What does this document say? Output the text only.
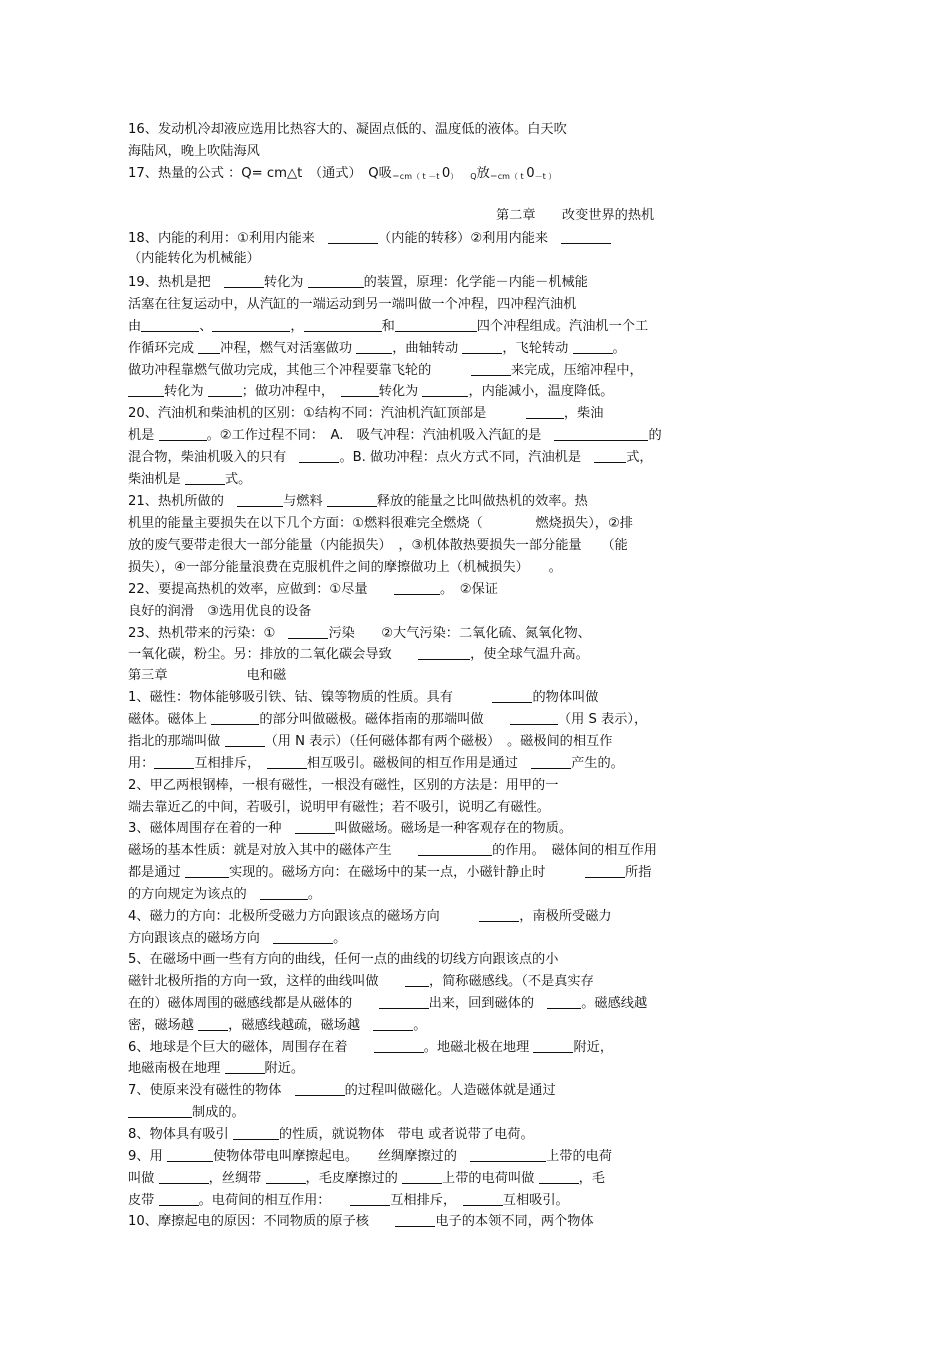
16、发动机冷却液应选用比热容大的、凝固点低的、温度低的液体。白天吹
海陆风，晚上吹陆海风
17、热量的公式 ：Q= cm△t　（通式）　Q吸$_{=cm( t -t}$ $0_{) Q}$放$_{=cm( t}$ $0_{-t )}$
第二章　　改变世界的热机
18、内能的利用：①利用内能来　	（内能的转移）②利用内能来　
（内能转化为机械能）
19、热机是把　	转化为	的装置，原理：化学能－内能－机械能
活塞在往复运动中，从汽缸的一端运动到另一端叫做一个冲程，四冲程汽油机
由	、	，	和	四个冲程组成。汽油机一个工
作循环完成 冲程，燃气对活塞做功	，曲轴转动	，飞轮转动	。
做功冲程靠燃气做功完成，其他三个冲程要靠飞轮的　　　	来完成，压缩冲程中，
转化为	；做功冲程中，　	转化为	，内能减小，温度降低。
20、汽油机和柴油机的区别：①结构不同：汽油机汽缸顶部是　　　	，柴油
机是	。②工作过程不同：　A.　吸气冲程：汽油机吸入汽缸的是　	的
混合物，柴油机吸入的只有　	。B. 做功冲程：点火方式不同，汽油机是　式，
柴油机是	式。
21、热机所做的　	与燃料	释放的能量之比叫做热机的效率。热
机里的能量主要损失在以下几个方面：①燃料很难完全燃烧（　　　　燃烧损失），②排
放的废气要带走很大一部分能量（内能损失）　，③机体散热要损失一部分能量　　（能
损失），④一部分能量浪费在克服机件之间的摩擦做功上（机械损失）　　。
22、要提高热机的效率，应做到：①尽量　　	。　②保证
良好的润滑　③选用优良的设备
23、热机带来的污染：①　	污染　　②大气污染：二氧化硫、氮氧化物、
一氧化碳，粉尘。另：排放的二氧化碳会导致　　	，使全球气温升高。
第三章　　　　　　电和磁
1、磁性：物体能够吸引铁、钴、镍等物质的性质。具有　　　	的物体叫做
磁体。磁体上	的部分叫做磁极。磁体指南的那端叫做　　	（用 S 表示），
指北的那端叫做	（用 N 表示）（任何磁体都有两个磁极）　。磁极间的相互作
用：	互相排斥，　	相互吸引。磁极间的相互作用是通过　	产生的。
2、甲乙两根钢棒，一根有磁性，一根没有磁性，区别的方法是：用甲的一
端去靠近乙的中间，若吸引，说明甲有磁性；若不吸引，说明乙有磁性。
3、磁体周围存在着的一种　	叫做磁场。磁场是一种客观存在的物质。
磁场的基本性质：就是对放入其中的磁体产生　　	的作用。　磁体间的相互作用
都是通过	实现的。磁场方向：在磁场中的某一点，小磁针静止时　　　	所指
的方向规定为该点的　	。
4、磁力的方向：北极所受磁力方向跟该点的磁场方向　　　	，南极所受磁力
方向跟该点的磁场方向　	。
5、在磁场中画一些有方向的曲线，任何一点的曲线的切线方向跟该点的小
磁针北极所指的方向一致，这样的曲线叫做　　，简称磁感线。（不是真实存
在的）磁体周围的磁感线都是从磁体的　　	出来，回到磁体的　	。磁感线越
密，磁场越 ，磁感线越疏，磁场越　	。
6、地球是个巨大的磁体，周围存在着　　	。地磁北极在地理	附近，
地磁南极在地理	附近。
7、使原来没有磁性的物体　	的过程叫做磁化。人造磁体就是通过
制成的。
8、物体具有吸引	的性质，就说物体　带电 或者说带了电荷。
9、用	使物体带电叫摩擦起电。　　丝绸摩擦过的　	上带的电荷
叫做	，丝绸带	，毛皮摩擦过的	上带的电荷叫做	，毛
皮带	。电荷间的相互作用：　　	互相排斥，　	互相吸引。
10、摩擦起电的原因：不同物质的原子核　　	电子的本领不同，两个物体
